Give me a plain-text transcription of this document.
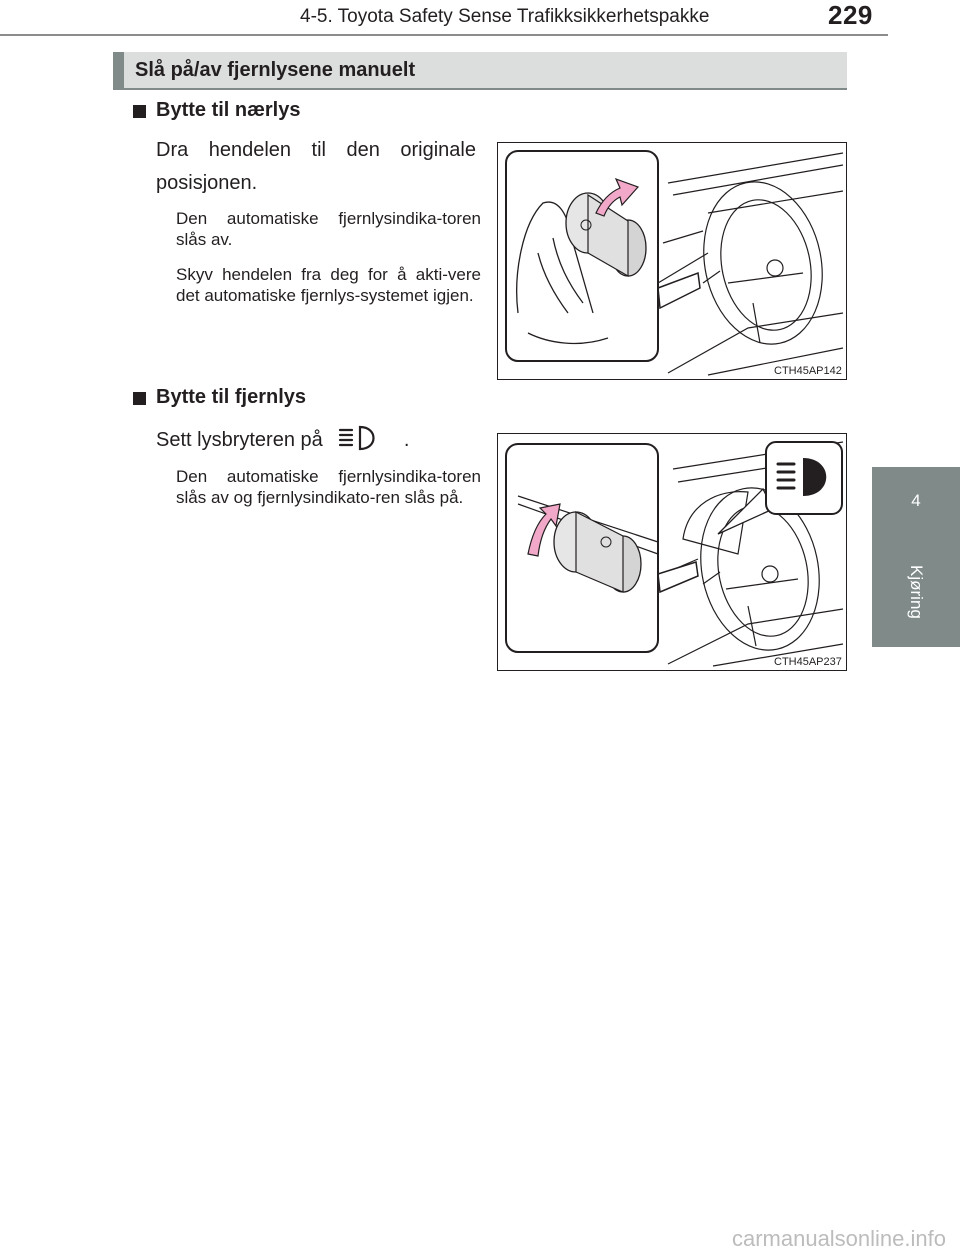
4-5. Toyota Safety Sense Trafikksikkerhetspakke	229
4
Kjøring
Slå på/av fjernlysene manuelt
Bytte til nærlys
Dra hendelen til den originale posisjonen.
Den automatiske fjernlysindika-toren slås av.
Skyv hendelen fra deg for å akti-vere det automatiske fjernlys-systemet igjen.
CTH45AP142
Bytte til fjernlys
Sett lysbryteren på	.
Den automatiske fjernlysindika-toren slås av og fjernlysindikato-ren slås på.
CTH45AP237
carmanualsonline.info
